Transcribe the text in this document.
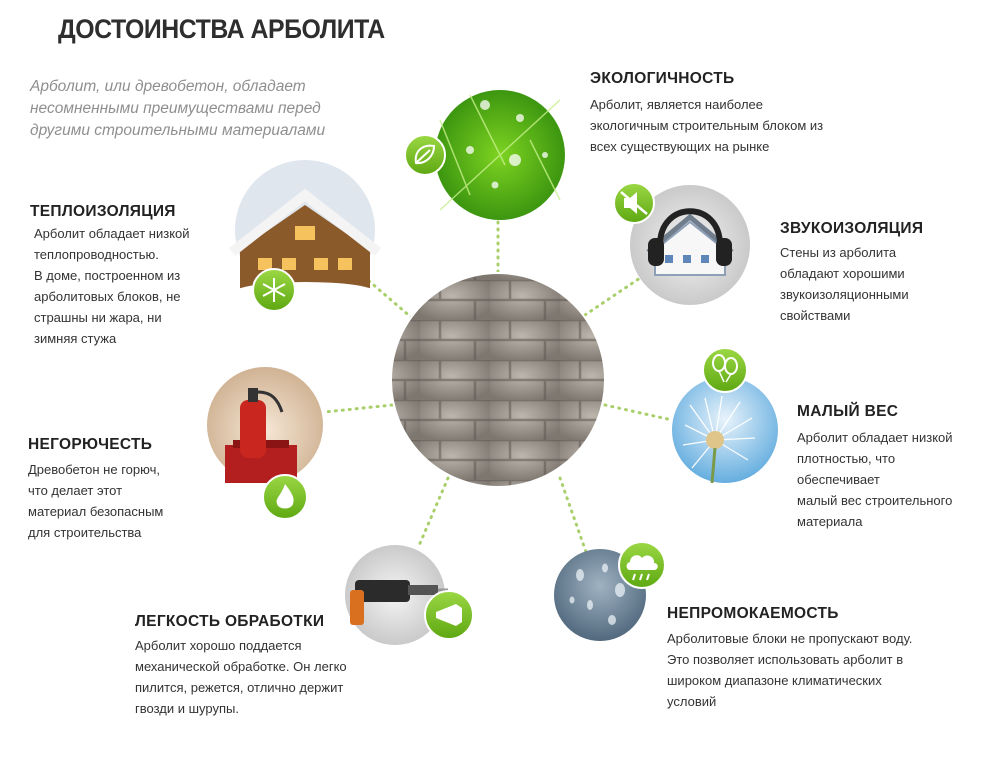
ДОСТОИНСТВА АРБОЛИТА
Арболит, или древобетон, обладает
несомненными преимуществами перед
другими строительными материалами
ЭКОЛОГИЧНОСТЬ
Арболит, является наиболее
экологичным строительным блоком из
всех существующих на рынке
ЗВУКОИЗОЛЯЦИЯ
Стены из арболита
обладают хорошими
звукоизоляционными
свойствами
МАЛЫЙ ВЕС
Арболит обладает низкой
плотностью, что
обеспечивает
малый вес строительного
материала
НЕПРОМОКАЕМОСТЬ
Арболитовые блоки не пропускают воду.
Это позволяет использовать арболит в
широком диапазоне климатических
условий
ЛЕГКОСТЬ ОБРАБОТКИ
Арболит хорошо поддается
механической обработке. Он легко
пилится, режется, отлично держит
гвозди и шурупы.
НЕГОРЮЧЕСТЬ
Древобетон не горюч,
что делает этот
материал безопасным
для строительства
ТЕПЛОИЗОЛЯЦИЯ
Арболит обладает низкой
теплопроводностью.
В доме, построенном из
арболитовых блоков, не
страшны ни жара, ни
зимняя стужа
